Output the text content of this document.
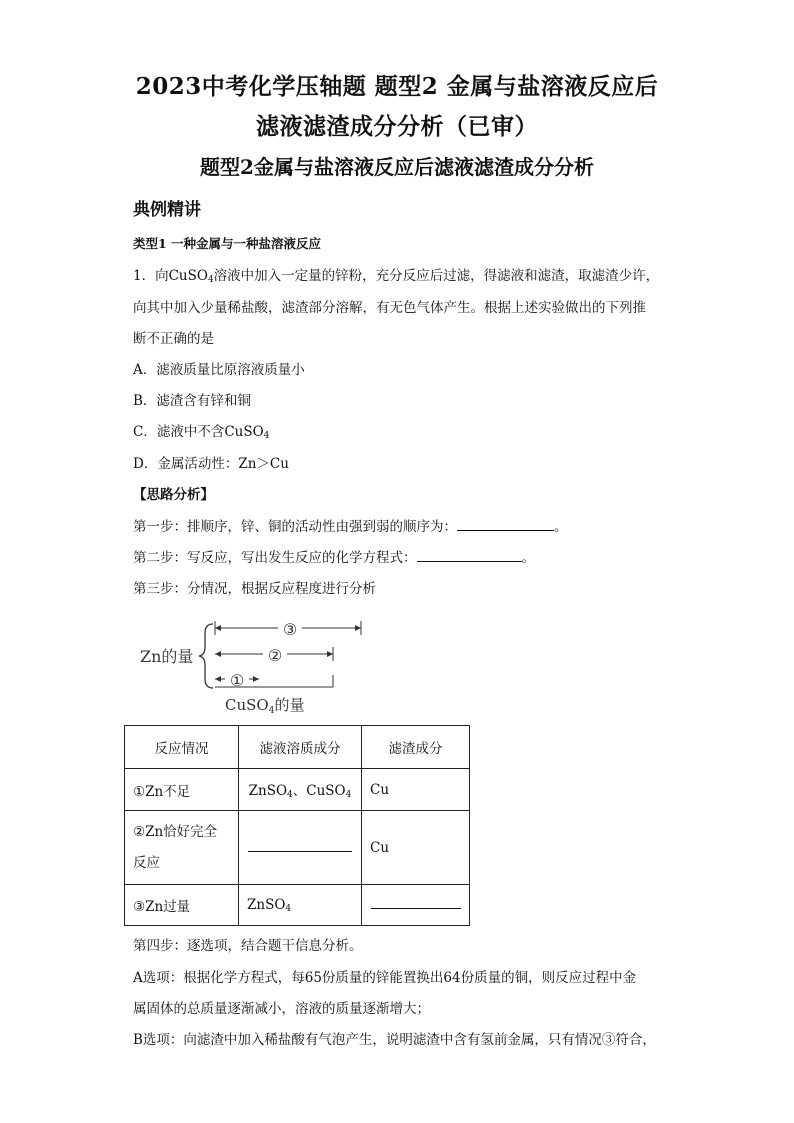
2023中考化学压轴题 题型2 金属与盐溶液反应后
滤液滤渣成分分析（已审）
题型2金属与盐溶液反应后滤液滤渣成分分析
典例精讲
类型1 一种金属与一种盐溶液反应
1．向CuSO$_4$溶液中加入一定量的锌粉，充分反应后过滤，得滤液和滤渣，取滤渣少许，
向其中加入少量稀盐酸，滤渣部分溶解，有无色气体产生。根据上述实验做出的下列推
断不正确的是
A．滤液质量比原溶液质量小
B．滤渣含有锌和铜
C．滤液中不含CuSO$_4$
D．金属活动性：Zn＞Cu
【思路分析】
第一步：排顺序，锌、铜的活动性由强到弱的顺序为：	。
第二步：写反应，写出发生反应的化学方程式：	。
第三步：分情况，根据反应程度进行分析
Zn的量
③
②
①
CuSO$_4$的量
反应情况	滤液溶质成分	滤渣成分
①Zn不足	ZnSO$_4$、CuSO$_4$	Cu
②Zn恰好完全
反应		Cu
③Zn过量	ZnSO$_4$	
第四步：逐选项，结合题干信息分析。
A选项：根据化学方程式，每65份质量的锌能置换出64份质量的铜，则反应过程中金
属固体的总质量逐渐减小，溶液的质量逐渐增大；
B选项：向滤渣中加入稀盐酸有气泡产生，说明滤渣中含有氢前金属，只有情况③符合，
